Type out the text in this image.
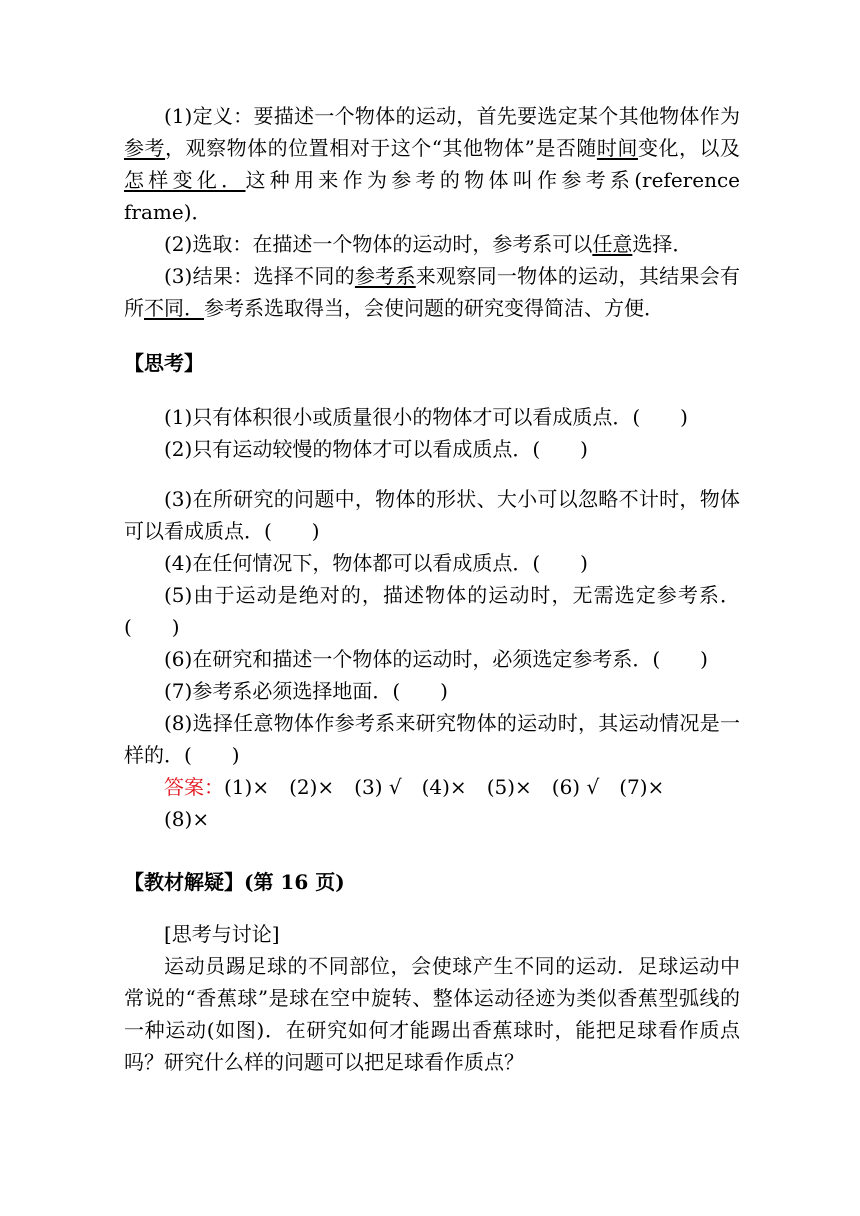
(1)定义：要描述一个物体的运动，首先要选定某个其他物体作为参考，观察物体的位置相对于这个“其他物体”是否随时间变化，以及怎样变化．这种用来作为参考的物体叫作参考系(reference frame)．

(2)选取：在描述一个物体的运动时，参考系可以任意选择．

(3)结果：选择不同的参考系来观察同一物体的运动，其结果会有所不同．参考系选取得当，会使问题的研究变得简洁、方便．

【思考】

(1)只有体积很小或质量很小的物体才可以看成质点．(　　)

(2)只有运动较慢的物体才可以看成质点．(　　)

(3)在所研究的问题中，物体的形状、大小可以忽略不计时，物体可以看成质点．(　　)

(4)在任何情况下，物体都可以看成质点．(　　)

(5)由于运动是绝对的，描述物体的运动时，无需选定参考系．(　　)

(6)在研究和描述一个物体的运动时，必须选定参考系．(　　)

(7)参考系必须选择地面．(　　)

(8)选择任意物体作参考系来研究物体的运动时，其运动情况是一样的．(　　)

答案：(1)×　(2)×　(3) √　(4)×　(5)×　(6) √　(7)×

(8)×

【教材解疑】(第 16 页)

[思考与讨论]

运动员踢足球的不同部位，会使球产生不同的运动．足球运动中常说的“香蕉球”是球在空中旋转、整体运动径迹为类似香蕉型弧线的一种运动(如图)．在研究如何才能踢出香蕉球时，能把足球看作质点吗？研究什么样的问题可以把足球看作质点？
